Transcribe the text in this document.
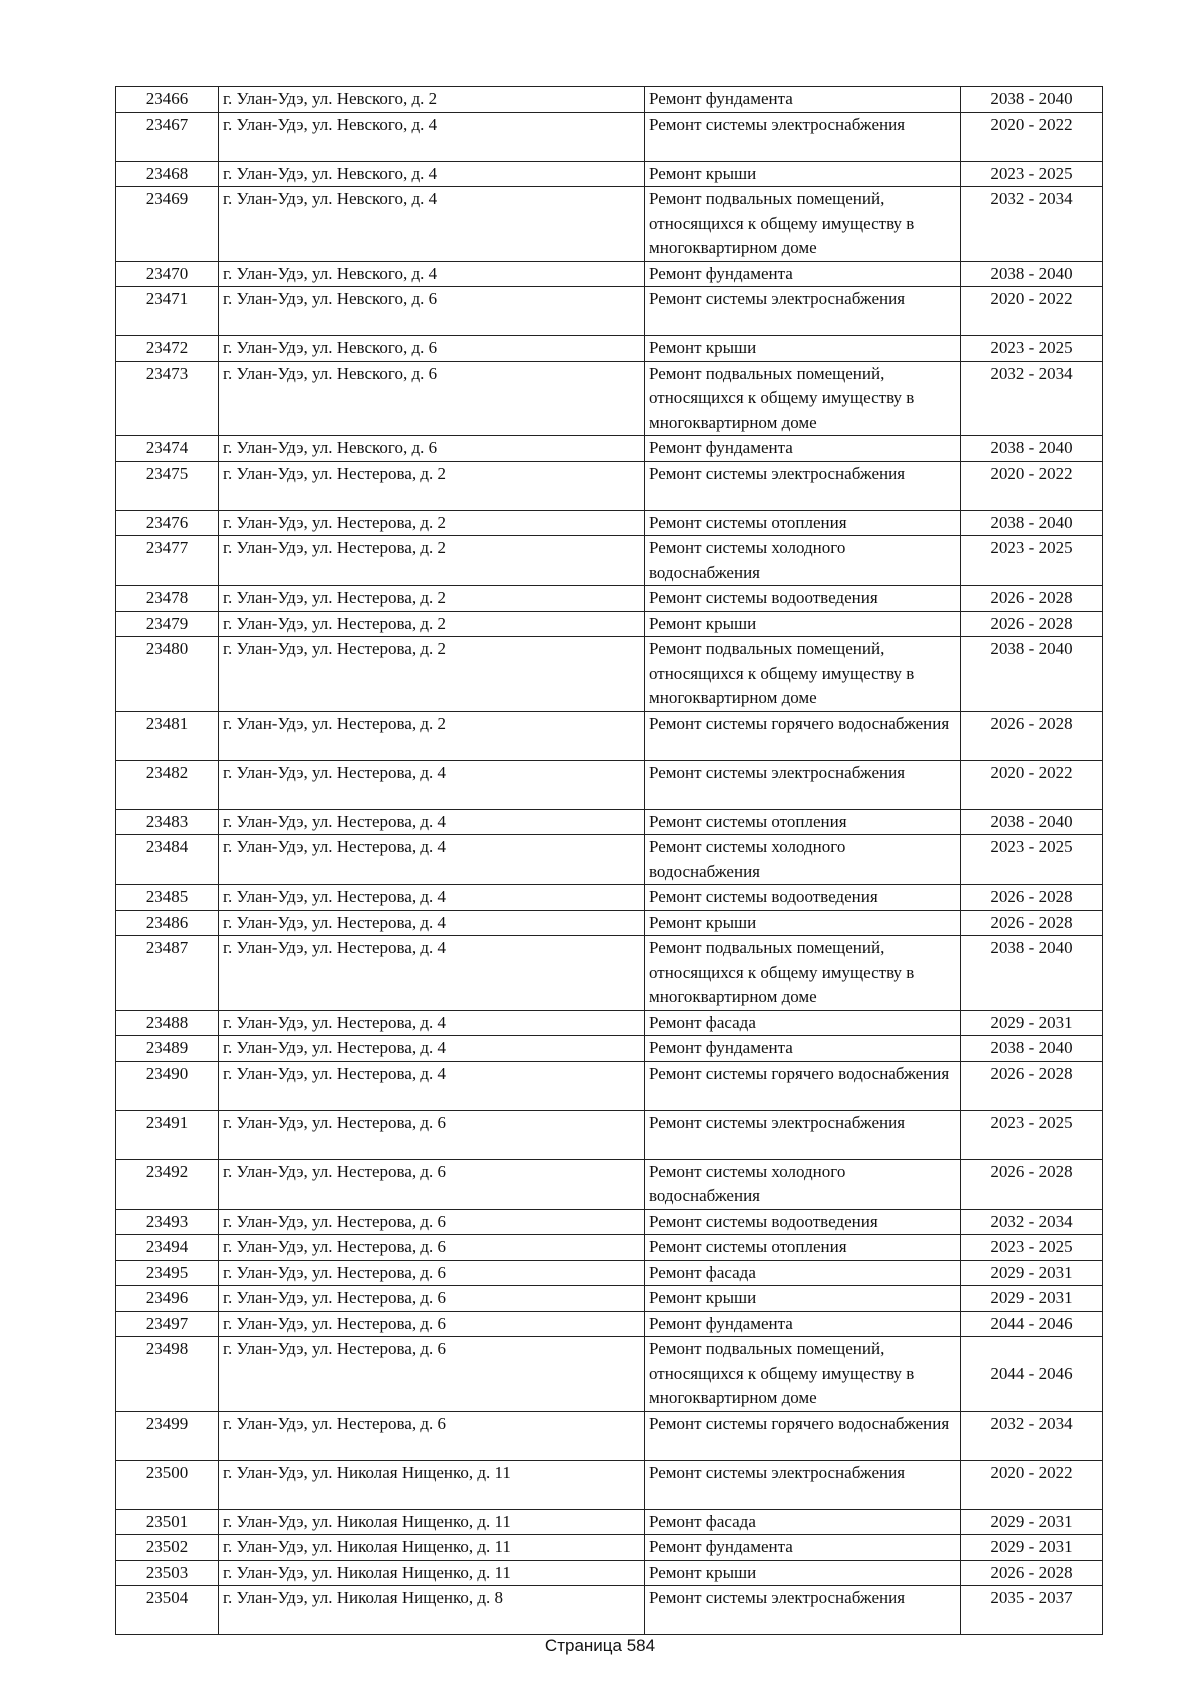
23466	г. Улан-Удэ, ул. Невского, д. 2	Ремонт фундамента	2038 - 2040
23467	г. Улан-Удэ, ул. Невского, д. 4	Ремонт системы электроснабжения	2020 - 2022
23468	г. Улан-Удэ, ул. Невского, д. 4	Ремонт крыши	2023 - 2025
23469	г. Улан-Удэ, ул. Невского, д. 4	Ремонт подвальных помещений, относящихся к общему имуществу в многоквартирном доме	2032 - 2034
23470	г. Улан-Удэ, ул. Невского, д. 4	Ремонт фундамента	2038 - 2040
23471	г. Улан-Удэ, ул. Невского, д. 6	Ремонт системы электроснабжения	2020 - 2022
23472	г. Улан-Удэ, ул. Невского, д. 6	Ремонт крыши	2023 - 2025
23473	г. Улан-Удэ, ул. Невского, д. 6	Ремонт подвальных помещений, относящихся к общему имуществу в многоквартирном доме	2032 - 2034
23474	г. Улан-Удэ, ул. Невского, д. 6	Ремонт фундамента	2038 - 2040
23475	г. Улан-Удэ, ул. Нестерова, д. 2	Ремонт системы электроснабжения	2020 - 2022
23476	г. Улан-Удэ, ул. Нестерова, д. 2	Ремонт системы отопления	2038 - 2040
23477	г. Улан-Удэ, ул. Нестерова, д. 2	Ремонт системы холодного водоснабжения	2023 - 2025
23478	г. Улан-Удэ, ул. Нестерова, д. 2	Ремонт системы водоотведения	2026 - 2028
23479	г. Улан-Удэ, ул. Нестерова, д. 2	Ремонт крыши	2026 - 2028
23480	г. Улан-Удэ, ул. Нестерова, д. 2	Ремонт подвальных помещений, относящихся к общему имуществу в многоквартирном доме	2038 - 2040
23481	г. Улан-Удэ, ул. Нестерова, д. 2	Ремонт системы горячего водоснабжения	2026 - 2028
23482	г. Улан-Удэ, ул. Нестерова, д. 4	Ремонт системы электроснабжения	2020 - 2022
23483	г. Улан-Удэ, ул. Нестерова, д. 4	Ремонт системы отопления	2038 - 2040
23484	г. Улан-Удэ, ул. Нестерова, д. 4	Ремонт системы холодного водоснабжения	2023 - 2025
23485	г. Улан-Удэ, ул. Нестерова, д. 4	Ремонт системы водоотведения	2026 - 2028
23486	г. Улан-Удэ, ул. Нестерова, д. 4	Ремонт крыши	2026 - 2028
23487	г. Улан-Удэ, ул. Нестерова, д. 4	Ремонт подвальных помещений, относящихся к общему имуществу в многоквартирном доме	2038 - 2040
23488	г. Улан-Удэ, ул. Нестерова, д. 4	Ремонт фасада	2029 - 2031
23489	г. Улан-Удэ, ул. Нестерова, д. 4	Ремонт фундамента	2038 - 2040
23490	г. Улан-Удэ, ул. Нестерова, д. 4	Ремонт системы горячего водоснабжения	2026 - 2028
23491	г. Улан-Удэ, ул. Нестерова, д. 6	Ремонт системы электроснабжения	2023 - 2025
23492	г. Улан-Удэ, ул. Нестерова, д. 6	Ремонт системы холодного водоснабжения	2026 - 2028
23493	г. Улан-Удэ, ул. Нестерова, д. 6	Ремонт системы водоотведения	2032 - 2034
23494	г. Улан-Удэ, ул. Нестерова, д. 6	Ремонт системы отопления	2023 - 2025
23495	г. Улан-Удэ, ул. Нестерова, д. 6	Ремонт фасада	2029 - 2031
23496	г. Улан-Удэ, ул. Нестерова, д. 6	Ремонт крыши	2029 - 2031
23497	г. Улан-Удэ, ул. Нестерова, д. 6	Ремонт фундамента	2044 - 2046
23498	г. Улан-Удэ, ул. Нестерова, д. 6	Ремонт подвальных помещений, относящихся к общему имуществу в многоквартирном доме	2044 - 2046
23499	г. Улан-Удэ, ул. Нестерова, д. 6	Ремонт системы горячего водоснабжения	2032 - 2034
23500	г. Улан-Удэ, ул. Николая Нищенко, д. 11	Ремонт системы электроснабжения	2020 - 2022
23501	г. Улан-Удэ, ул. Николая Нищенко, д. 11	Ремонт фасада	2029 - 2031
23502	г. Улан-Удэ, ул. Николая Нищенко, д. 11	Ремонт фундамента	2029 - 2031
23503	г. Улан-Удэ, ул. Николая Нищенко, д. 11	Ремонт крыши	2026 - 2028
23504	г. Улан-Удэ, ул. Николая Нищенко, д. 8	Ремонт системы электроснабжения	2035 - 2037
Страница 584
